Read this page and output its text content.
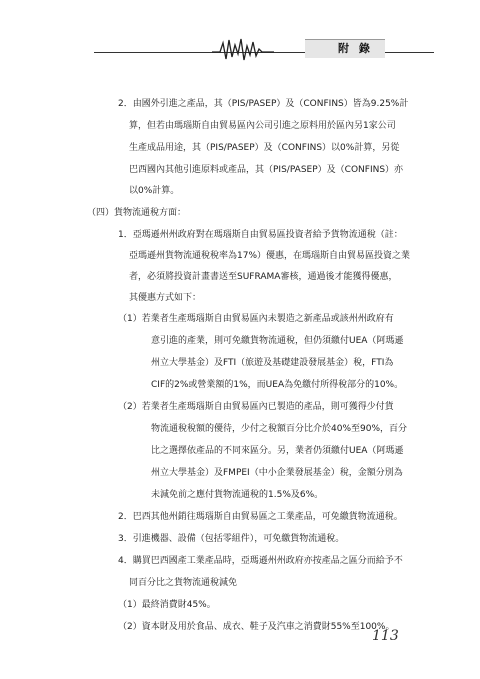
附 錄
2．由國外引進之產品，其（PIS/PASEP）及（CONFINS）皆為9.25%計
算，但若由瑪瑙斯自由貿易區內公司引進之原料用於區內另1家公司
生產成品用途，其（PIS/PASEP）及（CONFINS）以0%計算，另從
巴西國內其他引進原料或產品，其（PIS/PASEP）及（CONFINS）亦
以0%計算。
（四）貨物流通稅方面：
1．亞瑪遜州州政府對在瑪瑙斯自由貿易區投資者給予貨物流通稅（註：
亞瑪遜州貨物流通稅稅率為17%）優惠，在瑪瑙斯自由貿易區投資之業
者，必須將投資計畫書送至SUFRAMA審核，通過後才能獲得優惠，
其優惠方式如下：
（1）若業者生產瑪瑙斯自由貿易區內未製造之新產品或該州州政府有
意引進的產業，則可免繳貨物流通稅，但仍須繳付UEA（阿瑪遜
州立大學基金）及FTI（旅遊及基礎建設發展基金）稅，FTI為
CIF的2%或營業額的1%，而UEA為免繳付所得稅部分的10%。
（2）若業者生產瑪瑙斯自由貿易區內已製造的產品，則可獲得少付貨
物流通稅稅額的優待，少付之稅額百分比介於40%至90%，百分
比之選擇依產品的不同來區分。另，業者仍須繳付UEA（阿瑪遜
州立大學基金）及FMPEI（中小企業發展基金）稅，金額分別為
未減免前之應付貨物流通稅的1.5%及6%。
2．巴西其他州銷往瑪瑙斯自由貿易區之工業產品，可免繳貨物流通稅。
3．引進機器、設備（包括零組件），可免繳貨物流通稅。
4．購買巴西國產工業產品時，亞瑪遜州州政府亦按產品之區分而給予不
同百分比之貨物流通稅減免
（1）最終消費財45%。
（2）資本財及用於食品、成衣、鞋子及汽車之消費財55%至100%。
113
